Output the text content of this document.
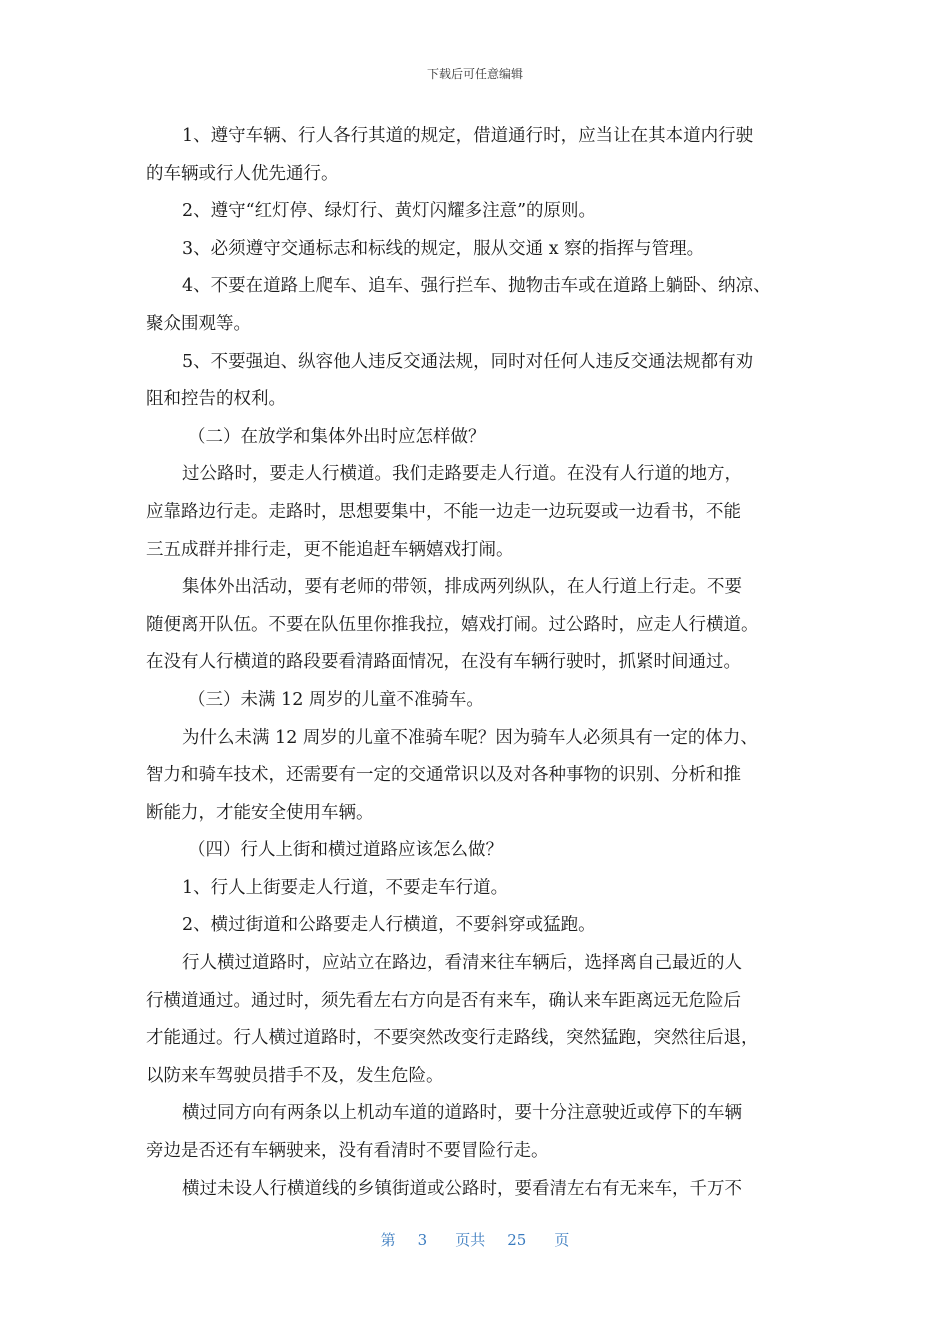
下载后可任意编辑
1、遵守车辆、行人各行其道的规定，借道通行时，应当让在其本道内行驶
的车辆或行人优先通行。
2、遵守“红灯停、绿灯行、黄灯闪耀多注意”的原则。
3、必须遵守交通标志和标线的规定，服从交通 x 察的指挥与管理。
4、不要在道路上爬车、追车、强行拦车、抛物击车或在道路上躺卧、纳凉、
聚众围观等。
5、不要强迫、纵容他人违反交通法规，同时对任何人违反交通法规都有劝
阻和控告的权利。
（二）在放学和集体外出时应怎样做？
过公路时，要走人行横道。我们走路要走人行道。在没有人行道的地方，
应靠路边行走。走路时，思想要集中，不能一边走一边玩耍或一边看书，不能
三五成群并排行走，更不能追赶车辆嬉戏打闹。
集体外出活动，要有老师的带领，排成两列纵队，在人行道上行走。不要
随便离开队伍。不要在队伍里你推我拉，嬉戏打闹。过公路时，应走人行横道。
在没有人行横道的路段要看清路面情况，在没有车辆行驶时，抓紧时间通过。
（三）未满 12 周岁的儿童不准骑车。
为什么未满 12 周岁的儿童不准骑车呢？因为骑车人必须具有一定的体力、
智力和骑车技术，还需要有一定的交通常识以及对各种事物的识别、分析和推
断能力，才能安全使用车辆。
（四）行人上街和横过道路应该怎么做？
1、行人上街要走人行道，不要走车行道。
2、横过街道和公路要走人行横道，不要斜穿或猛跑。
行人横过道路时，应站立在路边，看清来往车辆后，选择离自己最近的人
行横道通过。通过时，须先看左右方向是否有来车，确认来车距离远无危险后
才能通过。行人横过道路时，不要突然改变行走路线，突然猛跑，突然往后退，
以防来车驾驶员措手不及，发生危险。
横过同方向有两条以上机动车道的道路时，要十分注意驶近或停下的车辆
旁边是否还有车辆驶来，没有看清时不要冒险行走。
横过未设人行横道线的乡镇街道或公路时，要看清左右有无来车，千万不
第 3 页共 25 页
